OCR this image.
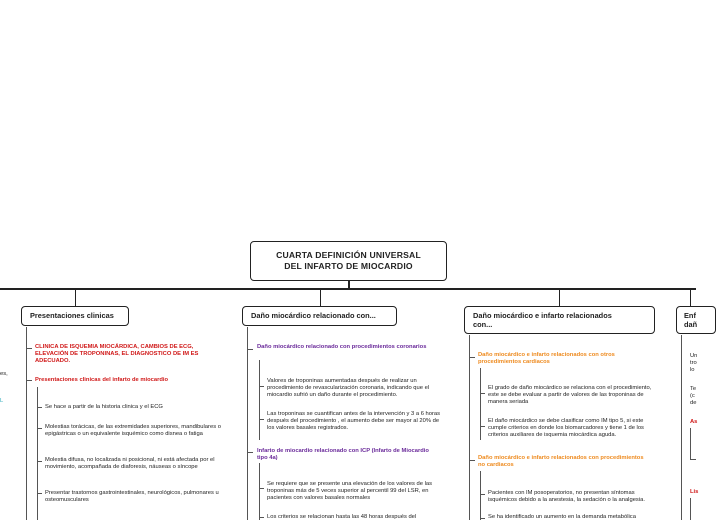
CUARTA DEFINICIÓN UNIVERSAL
DEL INFARTO DE MIOCARDIO
es,
L
Presentaciones clinicas
CLINICA DE ISQUEMIA MIOCÁRDICA, CAMBIOS DE ECG, ELEVACIÓN DE TROPONINAS, EL DIAGNOSTICO DE IM ES ADECUADO.
Presentaciones clinicas del infarto de miocardio
Se hace a partir de la historia clinica y el ECG
Molestias torácicas, de las extremidades superiores, mandibulares o epigástricas o un equivalente isquémico como disnea o fatiga
Molestia difusa, no localizada ni posicional, ni está afectada por el movimiento, acompañada de diaforesis, náuseas o síncope
Presentar trastornos gastrointestinales, neurológicos, pulmonares u osteomusculares
Daño miocárdico relacionado con...
Daño miocárdico relacionado con procedimientos coronarios
Valores de troponinas aumentadas después de realizar un procedimiento de revascularización coronaria, indicando que el miocardio sufrió un daño durante el procedimiento.
Las troponinas se cuantifican antes de la intervención y 3 a 6 horas después del procedimiento , el aumento debe ser mayor al 20% de los valores basales registrados.
Infarto de miocardio relacionado con ICP (Infarto de Miocardio tipo 4a)
Se requiere que se presente una elevación de los valores de las troponinas más de 5 veces superior al percentil 99 del LSR, en pacientes con valores basales normales
Los criterios se relacionan hasta las 48 horas después del
Daño miocárdico e infarto relacionados
con...
Daño miocárdico e infarto relacionados con otros procedimientos cardiacos
El grado de daño miocárdico se relaciona con el procedimiento, este se debe evaluar a partir de valores de las troponinas de manera seriada
El daño miocárdico se debe clasificar como IM tipo 5, si este cumple criterios en donde los biomarcadores y tiene 1 de los criterios auxiliares de isquemia miocárdica aguda.
Daño miocárdico e infarto relacionados con procedimientos no cardiacos
Pacientes con IM posoperatorios, no presentan síntomas isquémicos debido a la anestesia, la sedación o la analgesia.
Se ha identificado un aumento en la demanda metabólica
Enf
dañ
Un
tro
lo
Te
(c
de
As
Lis
